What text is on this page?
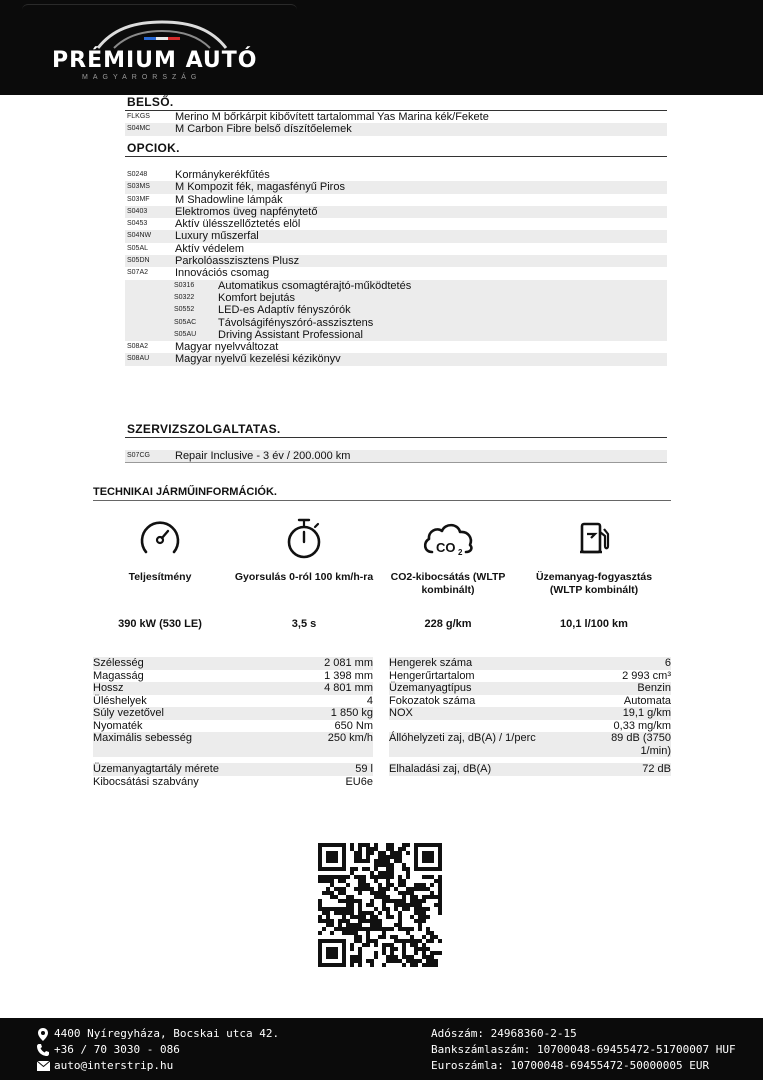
PRÉMIUM AUTÓ
MAGYARORSZÁG
BELSŐ.
FLKGS	Merino M bőrkárpit kibővített tartalommal Yas Marina kék/Fekete
S04MC	M Carbon Fibre belső díszítőelemek
OPCIOK.
S0248	Kormánykerékfűtés
S03MS	M Kompozit fék, magasfényű Piros
S03MF	M Shadowline lámpák
S0403	Elektromos üveg napfénytető
S0453	Aktív ülésszellőztetés elöl
S04NW	Luxury műszerfal
S05AL	Aktív védelem
S05DN	Parkolóasszisztens Plusz
S07A2	Innovációs csomag
S0316	Automatikus csomagtérajtó-működtetés
S0322	Komfort bejutás
S0552	LED-es Adaptív fényszórók
S05AC	Távolságifényszóró-asszisztens
S05AU	Driving Assistant Professional
S08A2	Magyar nyelvváltozat
S08AU	Magyar nyelvű kezelési kézikönyv
SZERVIZSZOLGALTATAS.
S07CG	Repair Inclusive - 3 év / 200.000 km
TECHNIKAI JÁRMŰINFORMÁCIÓK.
Teljesítmény
390 kW (530 LE)
Gyorsulás 0-ról 100 km/h-ra
3,5 s
CO 2
CO2-kibocsátás (WLTP kombinált)
228 g/km
Üzemanyag-fogyasztás (WLTP kombinált)
10,1 l/100 km
Szélesség	2 081 mm
Magasság	1 398 mm
Hossz	4 801 mm
Üléshelyek	4
Súly vezetővel	1 850 kg
Nyomaték	650 Nm
Maximális sebesség	250 km/h
Üzemanyagtartály mérete	59 l
Kibocsátási szabvány	EU6e
Hengerek száma	6
Hengerűrtartalom	2 993 cm³
Üzemanyagtípus	Benzin
Fokozatok száma	Automata
NOX	19,1 g/km
0,33 mg/km
Állóhelyzeti zaj, dB(A) / 1/perc	89 dB (3750 1/min)
Elhaladási zaj, dB(A)	72 dB
4400 Nyíregyháza, Bocskai utca 42.
+36 / 70 3030 - 086
auto@interstrip.hu
Adószám: 24968360-2-15
Bankszámlaszám: 10700048-69455472-51700007 HUF
Euroszámla: 10700048-69455472-50000005 EUR
